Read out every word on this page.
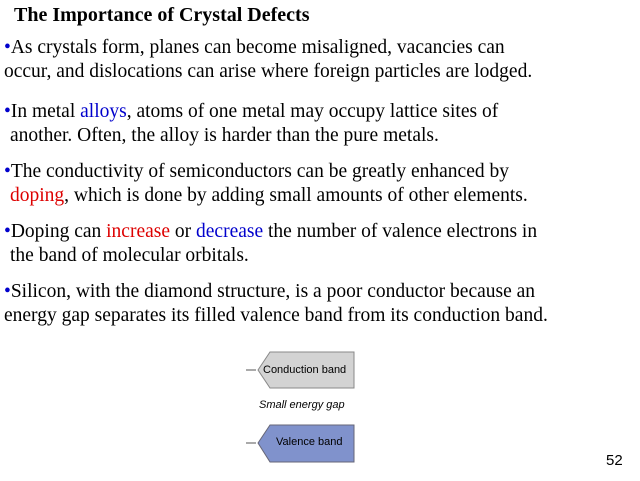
The Importance of Crystal Defects
•As crystals form, planes can become misaligned, vacancies can
occur, and dislocations can arise where foreign particles are lodged.
•In metal alloys, atoms of one metal may occupy lattice sites of
another. Often, the alloy is harder than the pure metals.
•The conductivity of semiconductors can be greatly enhanced by
doping, which is done by adding small amounts of other elements.
•Doping can increase or decrease the number of valence electrons in
the band of molecular orbitals.
•Silicon, with the diamond structure, is a poor conductor because an
energy gap separates its filled valence band from its conduction band.
Conduction band
Small energy gap
Valence band
52
